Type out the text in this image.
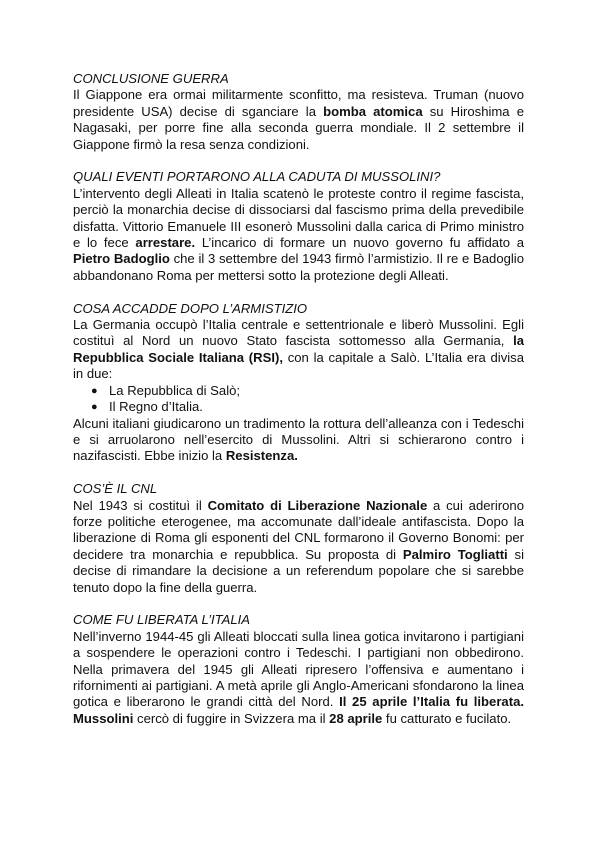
CONCLUSIONE GUERRA

Il Giappone era ormai militarmente sconfitto, ma resisteva. Truman (nuovo presidente USA) decise di sganciare la bomba atomica su Hiroshima e Nagasaki, per porre fine alla seconda guerra mondiale. Il 2 settembre il Giappone firmò la resa senza condizioni.

QUALI EVENTI PORTARONO ALLA CADUTA DI MUSSOLINI?

L’intervento degli Alleati in Italia scatenò le proteste contro il regime fascista, perciò la monarchia decise di dissociarsi dal fascismo prima della prevedibile disfatta. Vittorio Emanuele III esonerò Mussolini dalla carica di Primo ministro e lo fece arrestare. L’incarico di formare un nuovo governo fu affidato a Pietro Badoglio che il 3 settembre del 1943 firmò l’armistizio. Il re e Badoglio abbandonano Roma per mettersi sotto la protezione degli Alleati.

COSA ACCADDE DOPO L’ARMISTIZIO

La Germania occupò l’Italia centrale e settentrionale e liberò Mussolini. Egli costituì al Nord un nuovo Stato fascista sottomesso alla Germania, la Repubblica Sociale Italiana (RSI), con la capitale a Salò. L’Italia era divisa in due:

● La Repubblica di Salò;
● Il Regno d’Italia.

Alcuni italiani giudicarono un tradimento la rottura dell’alleanza con i Tedeschi e si arruolarono nell’esercito di Mussolini. Altri si schierarono contro i nazifascisti. Ebbe inizio la Resistenza.

COS’È IL CNL

Nel 1943 si costituì il Comitato di Liberazione Nazionale a cui aderirono forze politiche eterogenee, ma accomunate dall’ideale antifascista. Dopo la liberazione di Roma gli esponenti del CNL formarono il Governo Bonomi: per decidere tra monarchia e repubblica. Su proposta di Palmiro Togliatti si decise di rimandare la decisione a un referendum popolare che si sarebbe tenuto dopo la fine della guerra.

COME FU LIBERATA L’ITALIA

Nell’inverno 1944-45 gli Alleati bloccati sulla linea gotica invitarono i partigiani a sospendere le operazioni contro i Tedeschi. I partigiani non obbedirono. Nella primavera del 1945 gli Alleati ripresero l’offensiva e aumentano i rifornimenti ai partigiani. A metà aprile gli Anglo-Americani sfondarono la linea gotica e liberarono le grandi città del Nord. Il 25 aprile l’Italia fu liberata. Mussolini cercò di fuggire in Svizzera ma il 28 aprile fu catturato e fucilato.
